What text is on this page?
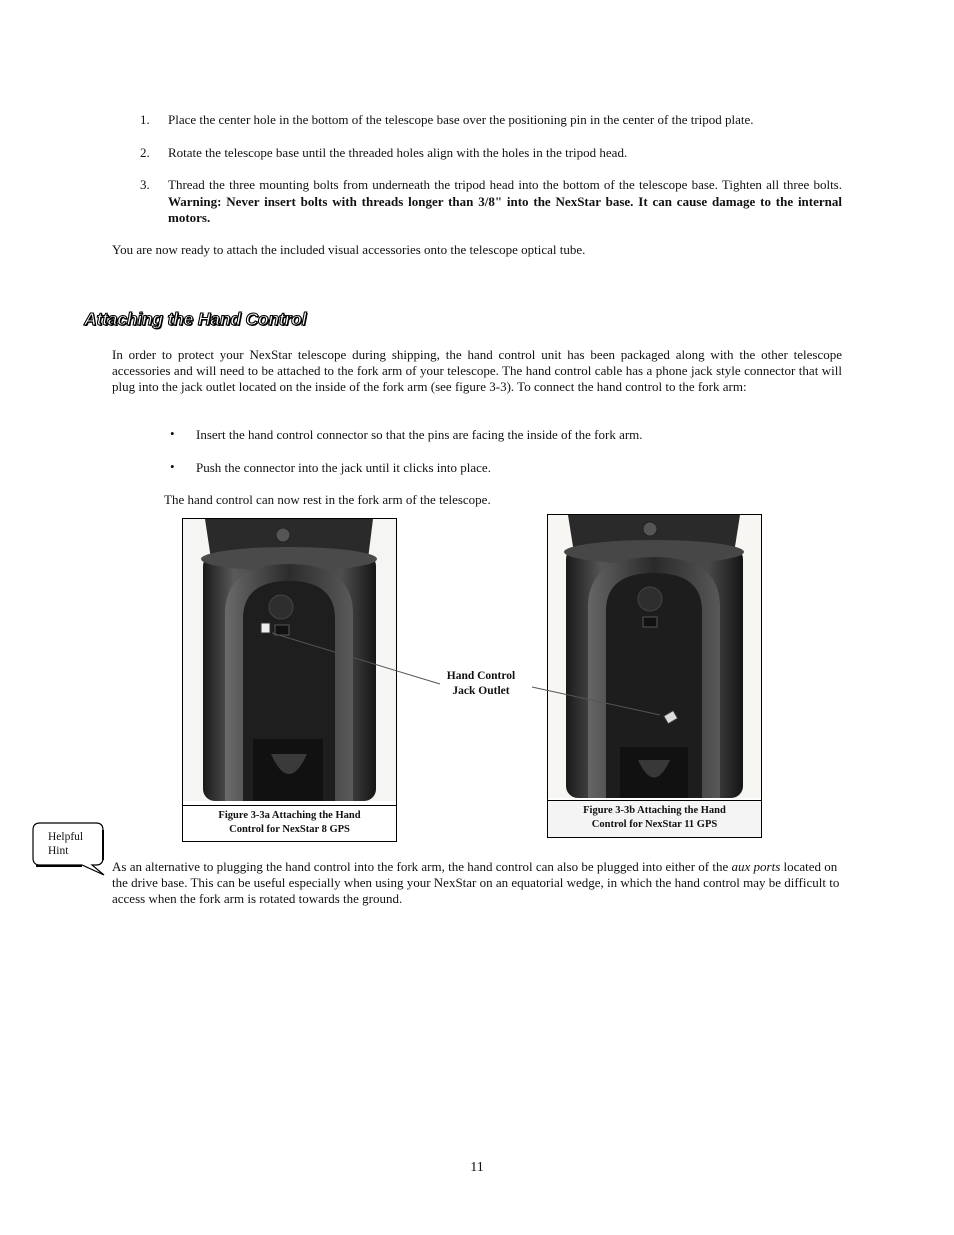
1. Place the center hole in the bottom of the telescope base over the positioning pin in the center of the tripod plate.
2. Rotate the telescope base until the threaded holes align with the holes in the tripod head.
3. Thread the three mounting bolts from underneath the tripod head into the bottom of the telescope base. Tighten all three bolts. Warning: Never insert bolts with threads longer than 3/8" into the NexStar base. It can cause damage to the internal motors.
You are now ready to attach the included visual accessories onto the telescope optical tube.
Attaching the Hand Control
In order to protect your NexStar telescope during shipping, the hand control unit has been packaged along with the other telescope accessories and will need to be attached to the fork arm of your telescope. The hand control cable has a phone jack style connector that will plug into the jack outlet located on the inside of the fork arm (see figure 3-3). To connect the hand control to the fork arm:
• Insert the hand control connector so that the pins are facing the inside of the fork arm.
• Push the connector into the jack until it clicks into place.
The hand control can now rest in the fork arm of the telescope.
Figure 3-3a Attaching the Hand
Control for NexStar 8 GPS
Figure 3-3b Attaching the Hand
Control for NexStar 11 GPS
Hand Control
Jack Outlet
Helpful
Hint
As an alternative to plugging the hand control into the fork arm, the hand control can also be plugged into either of the aux ports located on the drive base. This can be useful especially when using your NexStar on an equatorial wedge, in which the hand control may be difficult to access when the fork arm is rotated towards the ground.
11
